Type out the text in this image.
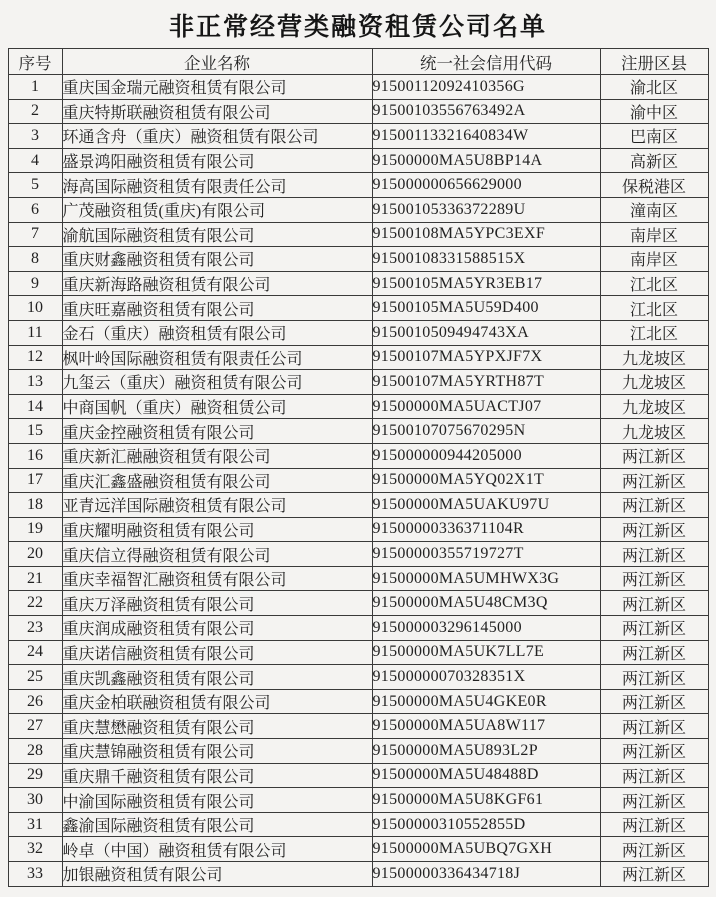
非正常经营类融资租赁公司名单
序号	企业名称	统一社会信用代码	注册区县
1	重庆国金瑞元融资租赁有限公司	91500112092410356G	渝北区
2	重庆特斯联融资租赁有限公司	91500103556763492A	渝中区
3	环通含舟（重庆）融资租赁有限公司	91500113321640834W	巴南区
4	盛景鸿阳融资租赁有限公司	91500000MA5U8BP14A	高新区
5	海高国际融资租赁有限责任公司	915000000656629000	保税港区
6	广茂融资租赁(重庆)有限公司	91500105336372289U	潼南区
7	渝航国际融资租赁有限公司	91500108MA5YPC3EXF	南岸区
8	重庆财鑫融资租赁有限公司	91500108331588515X	南岸区
9	重庆新海路融资租赁有限公司	91500105MA5YR3EB17	江北区
10	重庆旺嘉融资租赁有限公司	91500105MA5U59D400	江北区
11	金石（重庆）融资租赁有限公司	9150010509494743XA	江北区
12	枫叶岭国际融资租赁有限责任公司	91500107MA5YPXJF7X	九龙坡区
13	九玺云（重庆）融资租赁有限公司	91500107MA5YRTH87T	九龙坡区
14	中商国帆（重庆）融资租赁公司	91500000MA5UACTJ07	九龙坡区
15	重庆金控融资租赁有限公司	91500107075670295N	九龙坡区
16	重庆新汇融融资租赁有限公司	915000000944205000	两江新区
17	重庆汇鑫盛融资租赁有限公司	91500000MA5YQ02X1T	两江新区
18	亚青远洋国际融资租赁有限公司	91500000MA5UAKU97U	两江新区
19	重庆耀明融资租赁有限公司	91500000336371104R	两江新区
20	重庆信立得融资租赁有限公司	91500000355719727T	两江新区
21	重庆幸福智汇融资租赁有限公司	91500000MA5UMHWX3G	两江新区
22	重庆万泽融资租赁有限公司	91500000MA5U48CM3Q	两江新区
23	重庆润成融资租赁有限公司	915000003296145000	两江新区
24	重庆诺信融资租赁有限公司	91500000MA5UK7LL7E	两江新区
25	重庆凯鑫融资租赁有限公司	91500000070328351X	两江新区
26	重庆金柏联融资租赁有限公司	91500000MA5U4GKE0R	两江新区
27	重庆慧懋融资租赁有限公司	91500000MA5UA8W117	两江新区
28	重庆慧锦融资租赁有限公司	91500000MA5U893L2P	两江新区
29	重庆鼎千融资租赁有限公司	91500000MA5U48488D	两江新区
30	中渝国际融资租赁有限公司	91500000MA5U8KGF61	两江新区
31	鑫渝国际融资租赁有限公司	91500000310552855D	两江新区
32	岭卓（中国）融资租赁有限公司	91500000MA5UBQ7GXH	两江新区
33	加银融资租赁有限公司	91500000336434718J	两江新区
